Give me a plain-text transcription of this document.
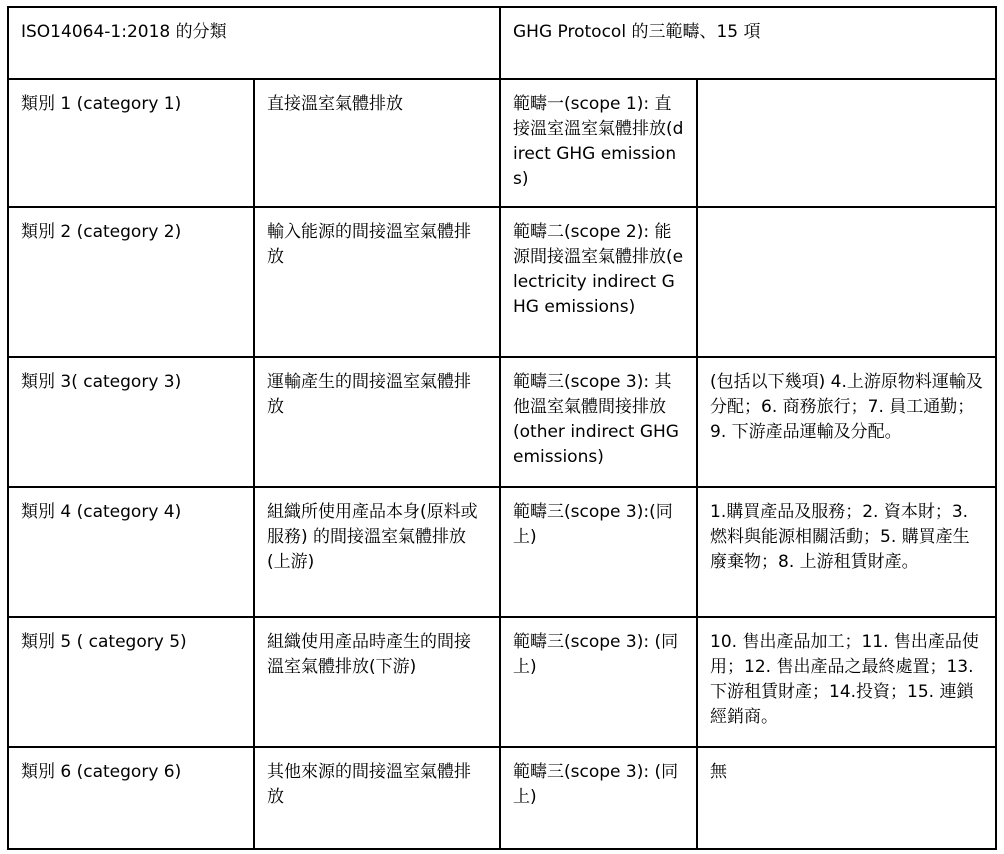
ISO14064-1:2018 的分類		GHG Protocol 的三範疇、15 項	
類別 1 (category 1)	直接溫室氣體排放	範疇一(scope 1): 直接溫室溫室氣體排放(direct GHG emissions)	
類別 2 (category 2)	輸入能源的間接溫室氣體排放	範疇二(scope 2): 能源間接溫室氣體排放(electricity indirect GHG emissions)	
類別 3( category 3)	運輸產生的間接溫室氣體排放	範疇三(scope 3): 其他溫室氣體間接排放 (other indirect GHG emissions)	(包括以下幾項) 4.上游原物料運輸及分配；6. 商務旅行；7. 員工通勤；9. 下游產品運輸及分配。
類別 4 (category 4)	組織所使用產品本身(原料或服務) 的間接溫室氣體排放(上游)	範疇三(scope 3):(同上)	1.購買產品及服務；2. 資本財；3. 燃料與能源相關活動；5. 購買產生廢棄物；8. 上游租賃財產。
類別 5 ( category 5)	組織使用產品時產生的間接溫室氣體排放(下游)	範疇三(scope 3): (同上)	10. 售出產品加工；11. 售出產品使用；12. 售出產品之最終處置；13. 下游租賃財產；14.投資；15. 連鎖經銷商。
類別 6 (category 6)	其他來源的間接溫室氣體排放	範疇三(scope 3): (同上)	無
